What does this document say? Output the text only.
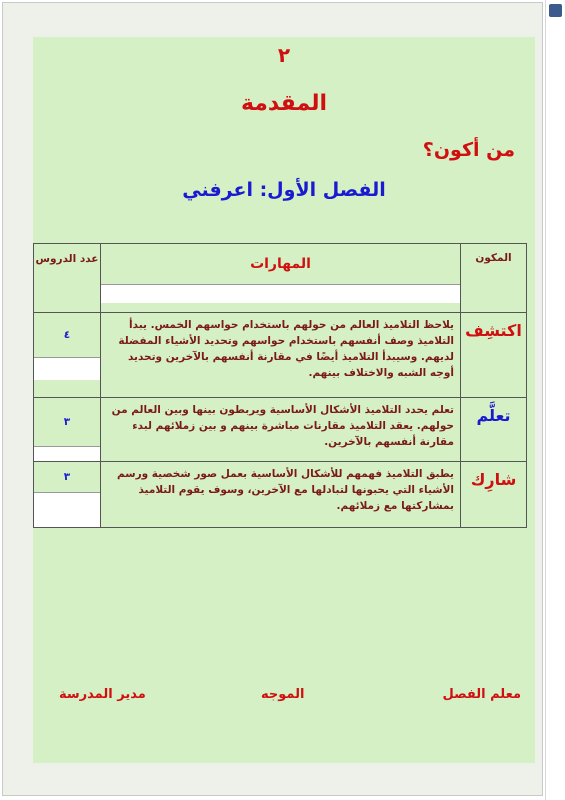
٢
المقدمة
من أكون؟
الفصل الأول: اعرفني
المكون	المهارات	عدد الدروس
اكتشِف	يلاحظ التلاميذ العالم من حولهم باستخدام حواسهم الخمس. يبدأ التلاميذ وصف أنفسهم باستخدام حواسهم وتحديد الأشياء المفضلة لديهم. وسيبدأ التلاميذ أيضًا في مقارنة أنفسهم بالآخرين وتحديد أوجه الشبه والاختلاف بينهم.	٤

تعلَّم	تعلم يحدد التلاميذ الأشكال الأساسية ويربطون بينها وبين العالم من حولهم. يعقد التلاميذ مقارنات مباشرة بينهم و بين زملائهم لبدء مقارنة أنفسهم بالآخرين.	٣

شارِك	يطبق التلاميذ فهمهم للأشكال الأساسية بعمل صور شخصية ورسم الأشياء التي يحبونها لتبادلها مع الآخرين، وسوف يقوم التلاميذ بمشاركتها مع زملائهم.	٣
معلم الفصل
الموجه
مدير المدرسة
